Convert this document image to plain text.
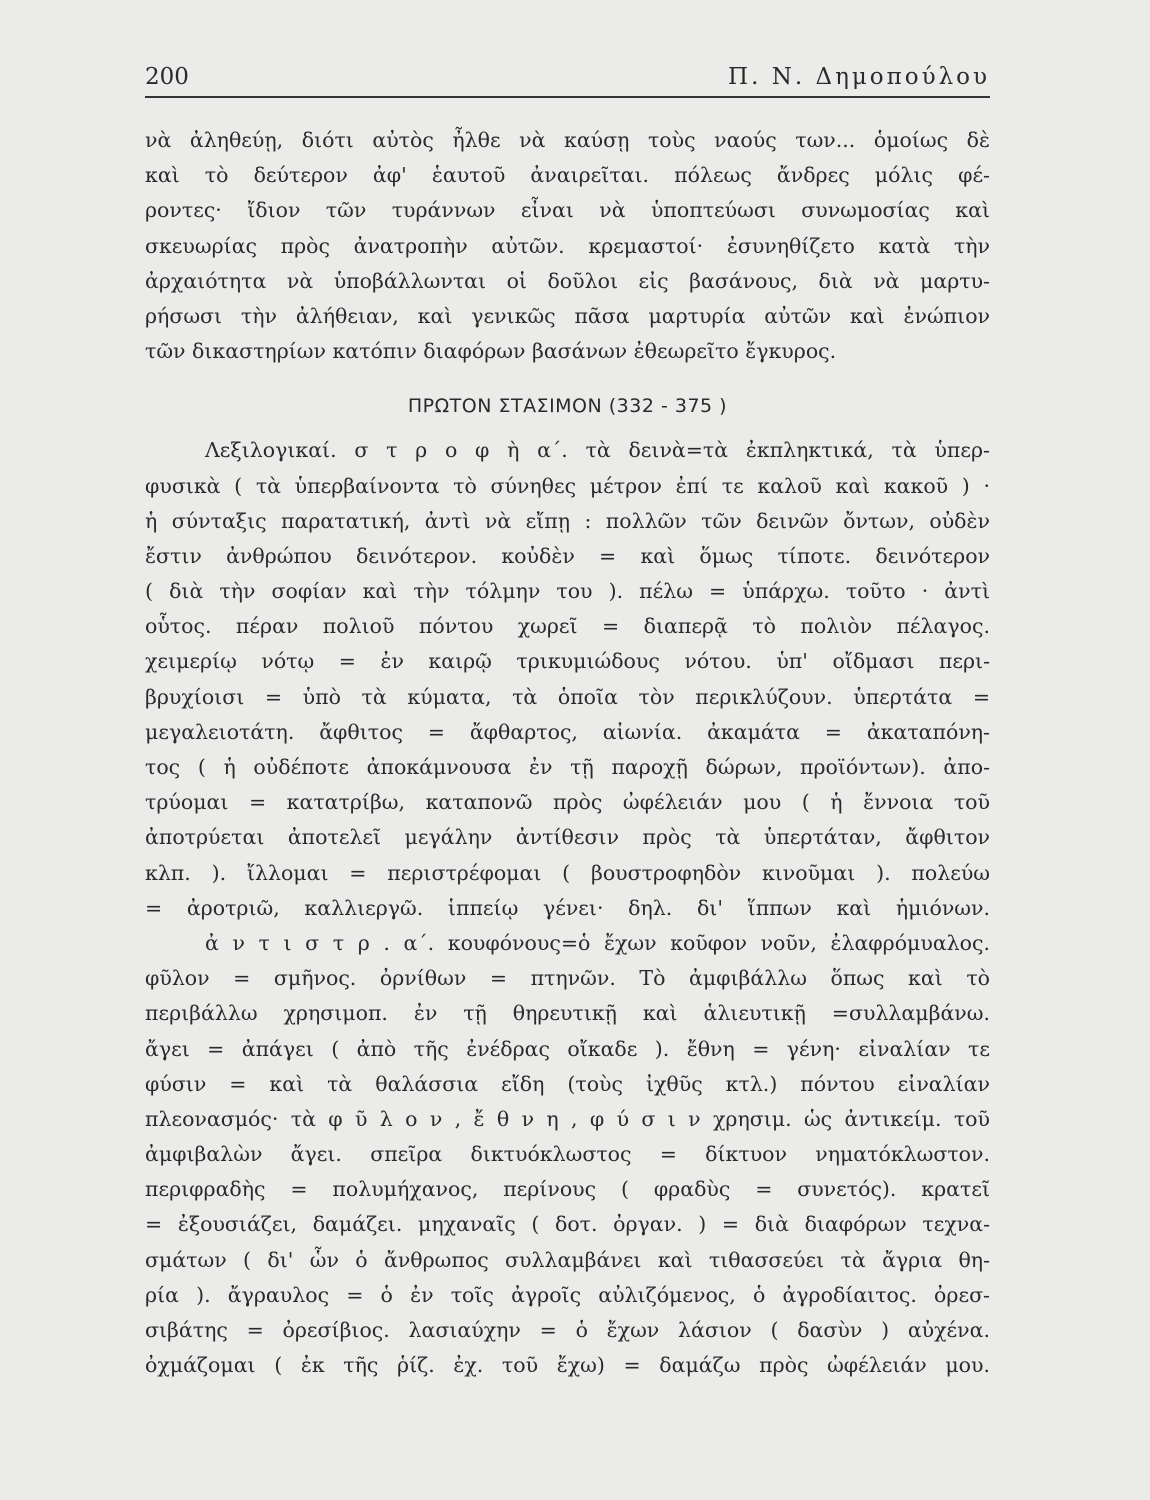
200	Π. Ν. Δημοπούλου
νὰ ἀληθεύῃ, διότι αὐτὸς ἦλθε νὰ καύσῃ τοὺς ναούς των... ὁμοίως δὲ
καὶ τὸ δεύτερον ἀφ' ἑαυτοῦ ἀναιρεῖται. πόλεως ἄνδρες μόλις φέ-
ροντες· ἴδιον τῶν τυράννων εἶναι νὰ ὑποπτεύωσι συνωμοσίας καὶ
σκευωρίας πρὸς ἀνατροπὴν αὐτῶν. κρεμαστοί· ἐσυνηθίζετο κατὰ τὴν
ἀρχαιότητα νὰ ὑποβάλλωνται οἱ δοῦλοι εἰς βασάνους, διὰ νὰ μαρτυ-
ρήσωσι τὴν ἀλήθειαν, καὶ γενικῶς πᾶσα μαρτυρία αὐτῶν καὶ ἐνώπιον
τῶν δικαστηρίων κατόπιν διαφόρων βασάνων ἐθεωρεῖτο ἔγκυρος.
ΠΡΩΤΟΝ ΣΤΑΣΙΜΟΝ (332 - 375 )
Λεξιλογικαί. σ τ ρ ο φ ὴ α΄. τὰ δεινὰ=τὰ ἐκπληκτικά, τὰ ὑπερ-
φυσικὰ ( τὰ ὑπερβαίνοντα τὸ σύνηθες μέτρον ἐπί τε καλοῦ καὶ κακοῦ ) ·
ἡ σύνταξις παρατατική, ἀντὶ νὰ εἴπῃ : πολλῶν τῶν δεινῶν ὄντων, οὐδὲν
ἔστιν ἀνθρώπου δεινότερον. κοὐδὲν = καὶ ὅμως τίποτε. δεινότερον
( διὰ τὴν σοφίαν καὶ τὴν τόλμην του ). πέλω = ὑπάρχω. τοῦτο · ἀντὶ
οὗτος. πέραν πολιοῦ πόντου χωρεῖ = διαπερᾷ τὸ πολιὸν πέλαγος.
χειμερίῳ νότῳ = ἐν καιρῷ τρικυμιώδους νότου. ὑπ' οἴδμασι περι-
βρυχίοισι = ὑπὸ τὰ κύματα, τὰ ὁποῖα τὸν περικλύζουν. ὑπερτάτα =
μεγαλειοτάτη. ἄφθιτος = ἄφθαρτος, αἰωνία. ἀκαμάτα = ἀκαταπόνη-
τος ( ἡ οὐδέποτε ἀποκάμνουσα ἐν τῇ παροχῇ δώρων, προϊόντων). ἀπο-
τρύομαι = κατατρίβω, καταπονῶ πρὸς ὠφέλειάν μου ( ἡ ἔννοια τοῦ
ἀποτρύεται ἀποτελεῖ μεγάλην ἀντίθεσιν πρὸς τὰ ὑπερτάταν, ἄφθιτον
κλπ. ). ἴλλομαι = περιστρέφομαι ( βουστροφηδὸν κινοῦμαι ). πολεύω
= ἀροτριῶ, καλλιεργῶ. ἱππείῳ γένει· δηλ. δι' ἵππων καὶ ἡμιόνων.
ἀ ν τ ι σ τ ρ . α΄. κουφόνους=ὁ ἔχων κοῦφον νοῦν, ἐλαφρόμυαλος.
φῦλον = σμῆνος. ὀρνίθων = πτηνῶν. Τὸ ἀμφιβάλλω ὅπως καὶ τὸ
περιβάλλω χρησιμοπ. ἐν τῇ θηρευτικῇ καὶ ἁλιευτικῇ =συλλαμβάνω.
ἄγει = ἀπάγει ( ἀπὸ τῆς ἐνέδρας οἴκαδε ). ἔθνη = γένη· εἰναλίαν τε
φύσιν = καὶ τὰ θαλάσσια εἴδη (τοὺς ἰχθῦς κτλ.) πόντου εἰναλίαν
πλεονασμός· τὰ φ ῦ λ ο ν , ἔ θ ν η , φ ύ σ ι ν χρησιμ. ὡς ἀντικείμ. τοῦ
ἀμφιβαλὼν ἄγει. σπεῖρα δικτυόκλωστος = δίκτυον νηματόκλωστον.
περιφραδὴς = πολυμήχανος, περίνους ( φραδὺς = συνετός). κρατεῖ
= ἐξουσιάζει, δαμάζει. μηχαναῖς ( δοτ. ὀργαν. ) = διὰ διαφόρων τεχνα-
σμάτων ( δι' ὧν ὁ ἄνθρωπος συλλαμβάνει καὶ τιθασσεύει τὰ ἄγρια θη-
ρία ). ἄγραυλος = ὁ ἐν τοῖς ἀγροῖς αὐλιζόμενος, ὁ ἀγροδίαιτος. ὀρεσ-
σιβάτης = ὀρεσίβιος. λασιαύχην = ὁ ἔχων λάσιον ( δασὺν ) αὐχένα.
ὀχμάζομαι ( ἐκ τῆς ῥίζ. ἐχ. τοῦ ἔχω) = δαμάζω πρὸς ὠφέλειάν μου.
